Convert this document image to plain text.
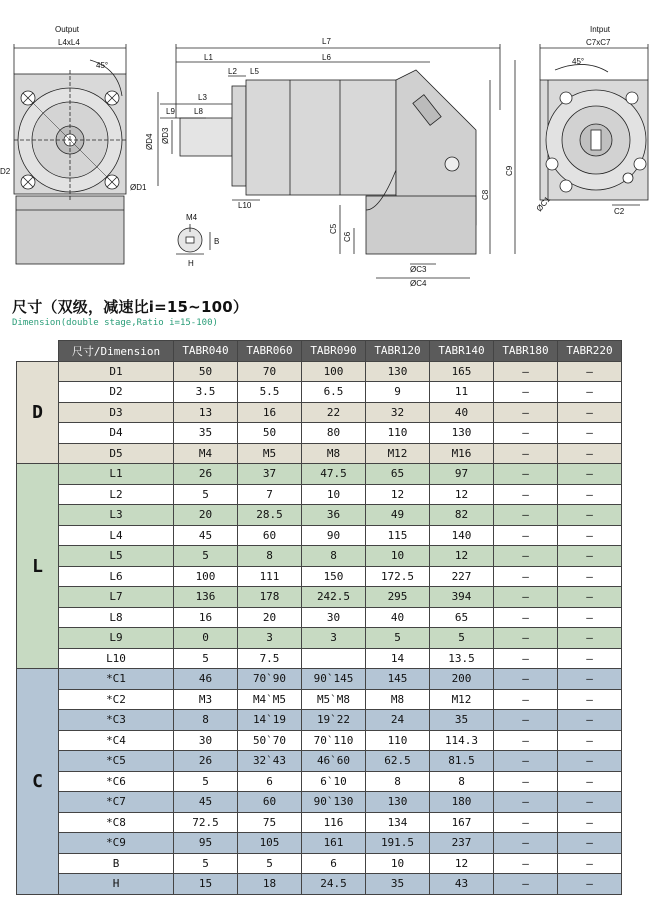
Output
L4xL4
45°
D2
ØD1
M4
B
H
L7
L1	L6
L2 L5
L3
L9 L8
ØD4 ØD3
L10
C5
C6
ØC3
ØC4
C8
C9
Intput
C7xC7
45°
ØC1	C2
尺寸（双级，减速比i=15~100）
Dimension(double stage,Ratio i=15-100)
	尺寸/Dimension	TABR040	TABR060	TABR090	TABR120	TABR140	TABR180	TABR220
D	D1	50	70	100	130	165	–	–
	D2	3.5	5.5	6.5	9	11	–	–
	D3	13	16	22	32	40	–	–
	D4	35	50	80	110	130	–	–
	D5	M4	M5	M8	M12	M16	–	–
L	L1	26	37	47.5	65	97	–	–
	L2	5	7	10	12	12	–	–
	L3	20	28.5	36	49	82	–	–
	L4	45	60	90	115	140	–	–
	L5	5	8	8	10	12	–	–
	L6	100	111	150	172.5	227	–	–
	L7	136	178	242.5	295	394	–	–
	L8	16	20	30	40	65	–	–
	L9	0	3	3	5	5	–	–
	L10	5	7.5		14	13.5	–	–
C	*C1	46	70`90	90`145	145	200	–	–
	*C2	M3	M4`M5	M5`M8	M8	M12	–	–
	*C3	8	14`19	19`22	24	35	–	–
	*C4	30	50`70	70`110	110	114.3	–	–
	*C5	26	32`43	46`60	62.5	81.5	–	–
	*C6	5	6	6`10	8	8	–	–
	*C7	45	60	90`130	130	180	–	–
	*C8	72.5	75	116	134	167	–	–
	*C9	95	105	161	191.5	237	–	–
	B	5	5	6	10	12	–	–
	H	15	18	24.5	35	43	–	–
